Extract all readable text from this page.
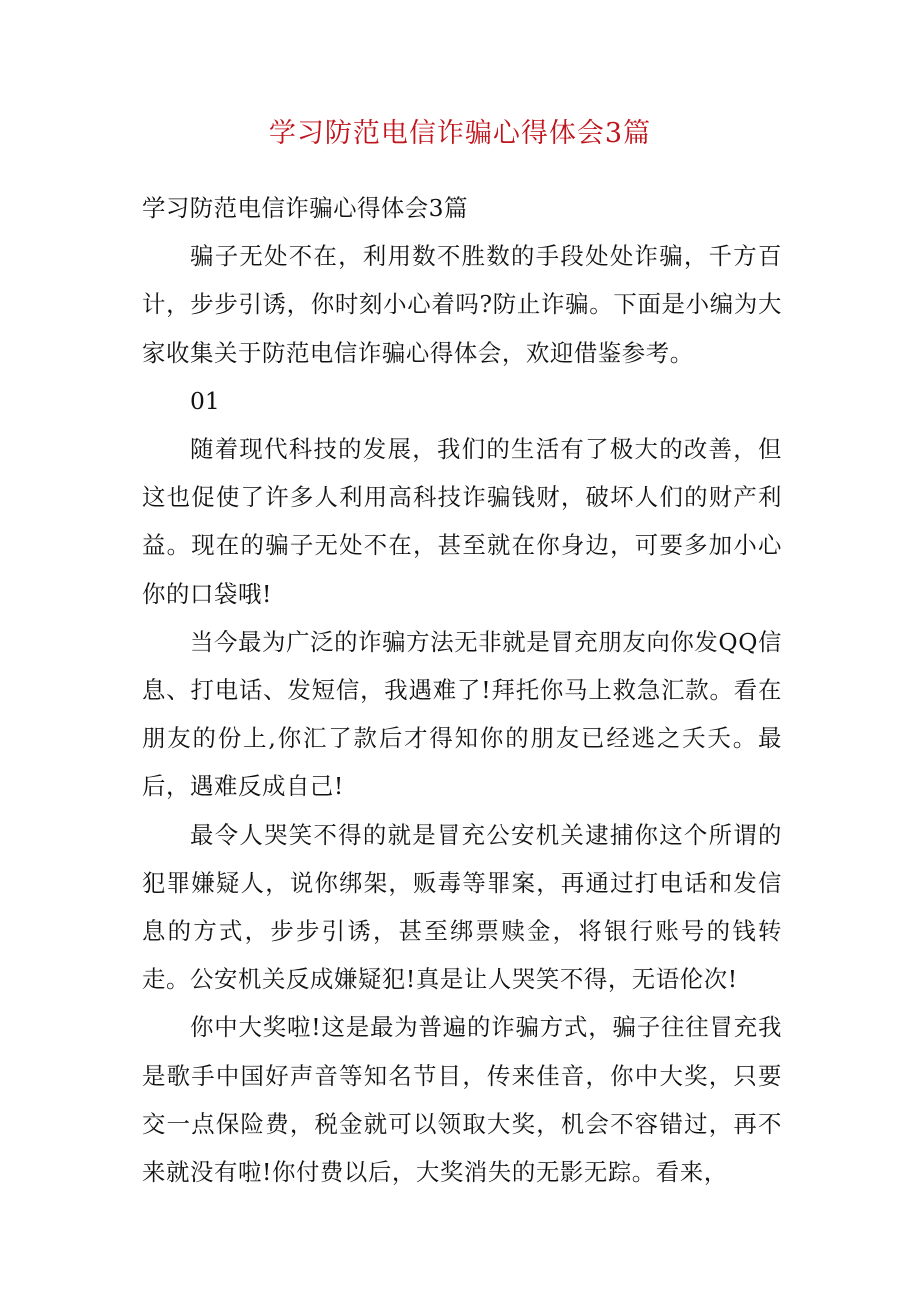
学习防范电信诈骗心得体会3篇

学习防范电信诈骗心得体会3篇

骗子无处不在，利用数不胜数的手段处处诈骗，千方百计，步步引诱，你时刻小心着吗?防止诈骗。下面是小编为大家收集关于防范电信诈骗心得体会，欢迎借鉴参考。

01

随着现代科技的发展，我们的生活有了极大的改善，但这也促使了许多人利用高科技诈骗钱财，破坏人们的财产利益。现在的骗子无处不在，甚至就在你身边，可要多加小心你的口袋哦!

当今最为广泛的诈骗方法无非就是冒充朋友向你发QQ信息、打电话、发短信，我遇难了!拜托你马上救急汇款。看在朋友的份上,你汇了款后才得知你的朋友已经逃之夭夭。最后，遇难反成自己!

最令人哭笑不得的就是冒充公安机关逮捕你这个所谓的犯罪嫌疑人，说你绑架，贩毒等罪案，再通过打电话和发信息的方式，步步引诱，甚至绑票赎金，将银行账号的钱转走。公安机关反成嫌疑犯!真是让人哭笑不得，无语伦次!

你中大奖啦!这是最为普遍的诈骗方式，骗子往往冒充我是歌手中国好声音等知名节目，传来佳音，你中大奖，只要交一点保险费，税金就可以领取大奖，机会不容错过，再不来就没有啦!你付费以后，大奖消失的无影无踪。看来，
